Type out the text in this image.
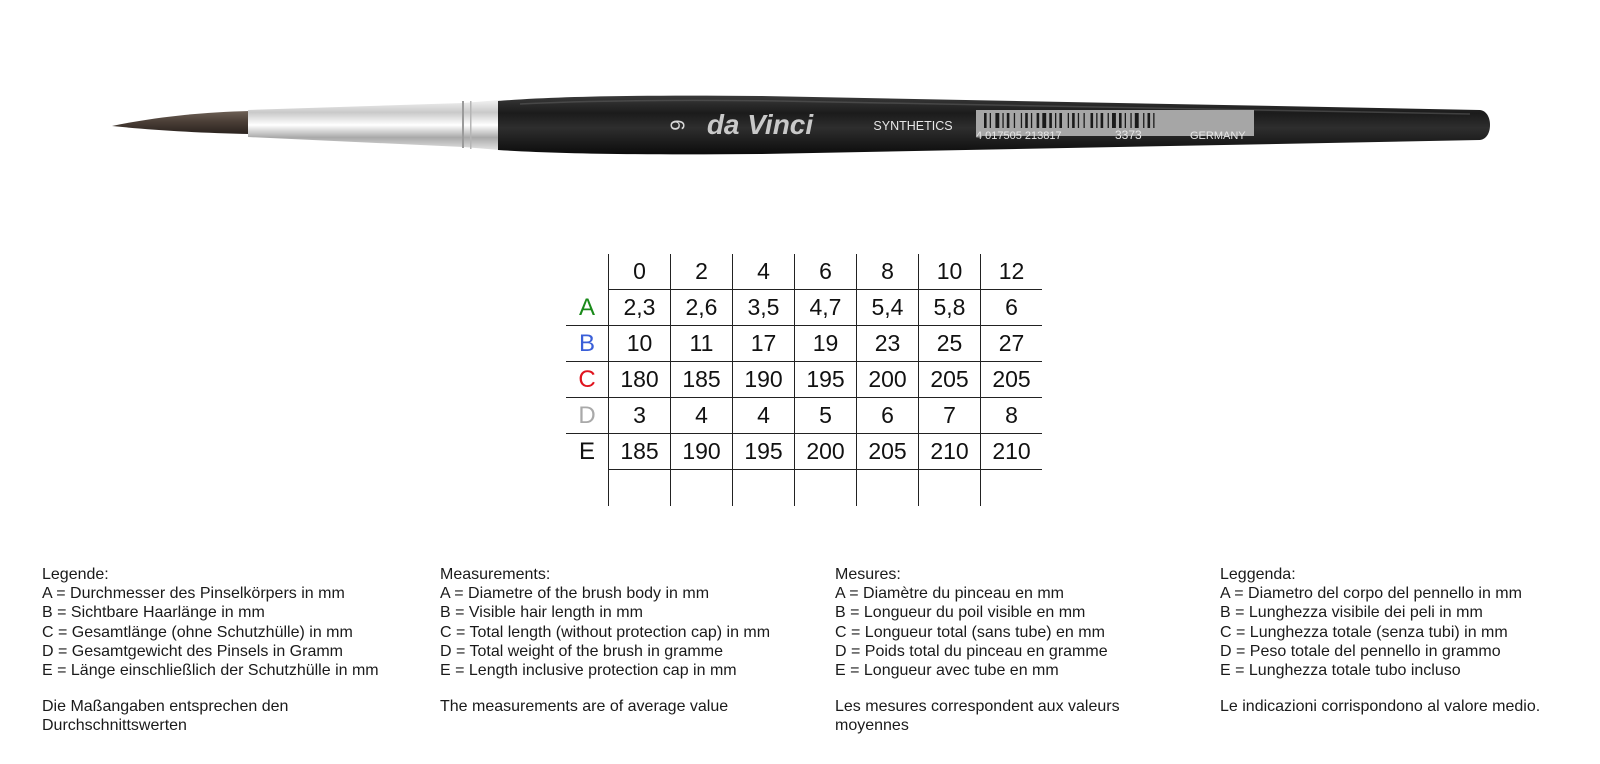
6 da Vinci	SYNTHETICS
4 017505 213817	3373	GERMANY
	0	2	4	6	8	10	12
A	2,3	2,6	3,5	4,7	5,4	5,8	6
B	10	11	17	19	23	25	27
C	180	185	190	195	200	205	205
D	3	4	4	5	6	7	8
E	185	190	195	200	205	210	210

Legende:

A = Durchmesser des Pinselkörpers in mm

B = Sichtbare Haarlänge in mm

C = Gesamtlänge (ohne Schutzhülle) in mm

D = Gesamtgewicht des Pinsels in Gramm

E = Länge einschließlich der Schutzhülle in mm

Die Maßangaben entsprechen den Durchschnittswerten

Measurements:

A = Diametre of the brush body in mm

B = Visible hair length in mm

C = Total length (without protection cap) in mm

D = Total weight of the brush in gramme

E = Length inclusive protection cap in mm

The measurements are of average value

Mesures:

A = Diamètre du pinceau en mm

B = Longueur du poil visible en mm

C = Longueur total (sans tube) en mm

D = Poids total du pinceau en gramme

E = Longueur avec tube en mm

Les mesures correspondent aux valeurs moyennes

Leggenda:

A = Diametro del corpo del pennello in mm

B = Lunghezza visibile dei peli in mm

C = Lunghezza totale (senza tubi) in mm

D = Peso totale del pennello in grammo

E = Lunghezza totale tubo incluso

Le indicazioni corrispondono al valore medio.
